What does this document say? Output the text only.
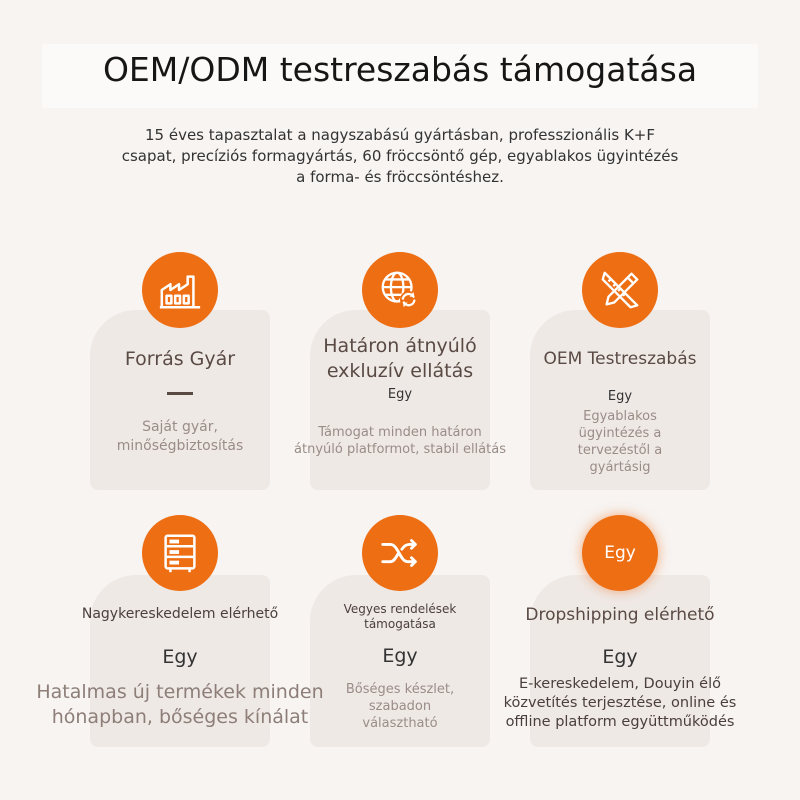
OEM/ODM testreszabás támogatása
15 éves tapasztalat a nagyszabású gyártásban, professzionális K+F
csapat, precíziós formagyártás, 60 fröccsöntő gép, egyablakos ügyintézés
a forma- és fröccsöntéshez.
Forrás Gyár
Saját gyár,
minőségbiztosítás
Határon átnyúló
exkluzív ellátás
Egy
Támogat minden határon
átnyúló platformot, stabil ellátás
OEM Testreszabás
Egy
Egyablakos
ügyintézés a
tervezéstől a
gyártásig
Nagykereskedelem elérhető
Egy
Hatalmas új termékek minden
hónapban, bőséges kínálat
Vegyes rendelések
támogatása
Egy
Bőséges készlet,
szabadon
választható
Egy
Dropshipping elérhető
Egy
E-kereskedelem, Douyin élő
közvetítés terjesztése, online és
offline platform együttműködés
